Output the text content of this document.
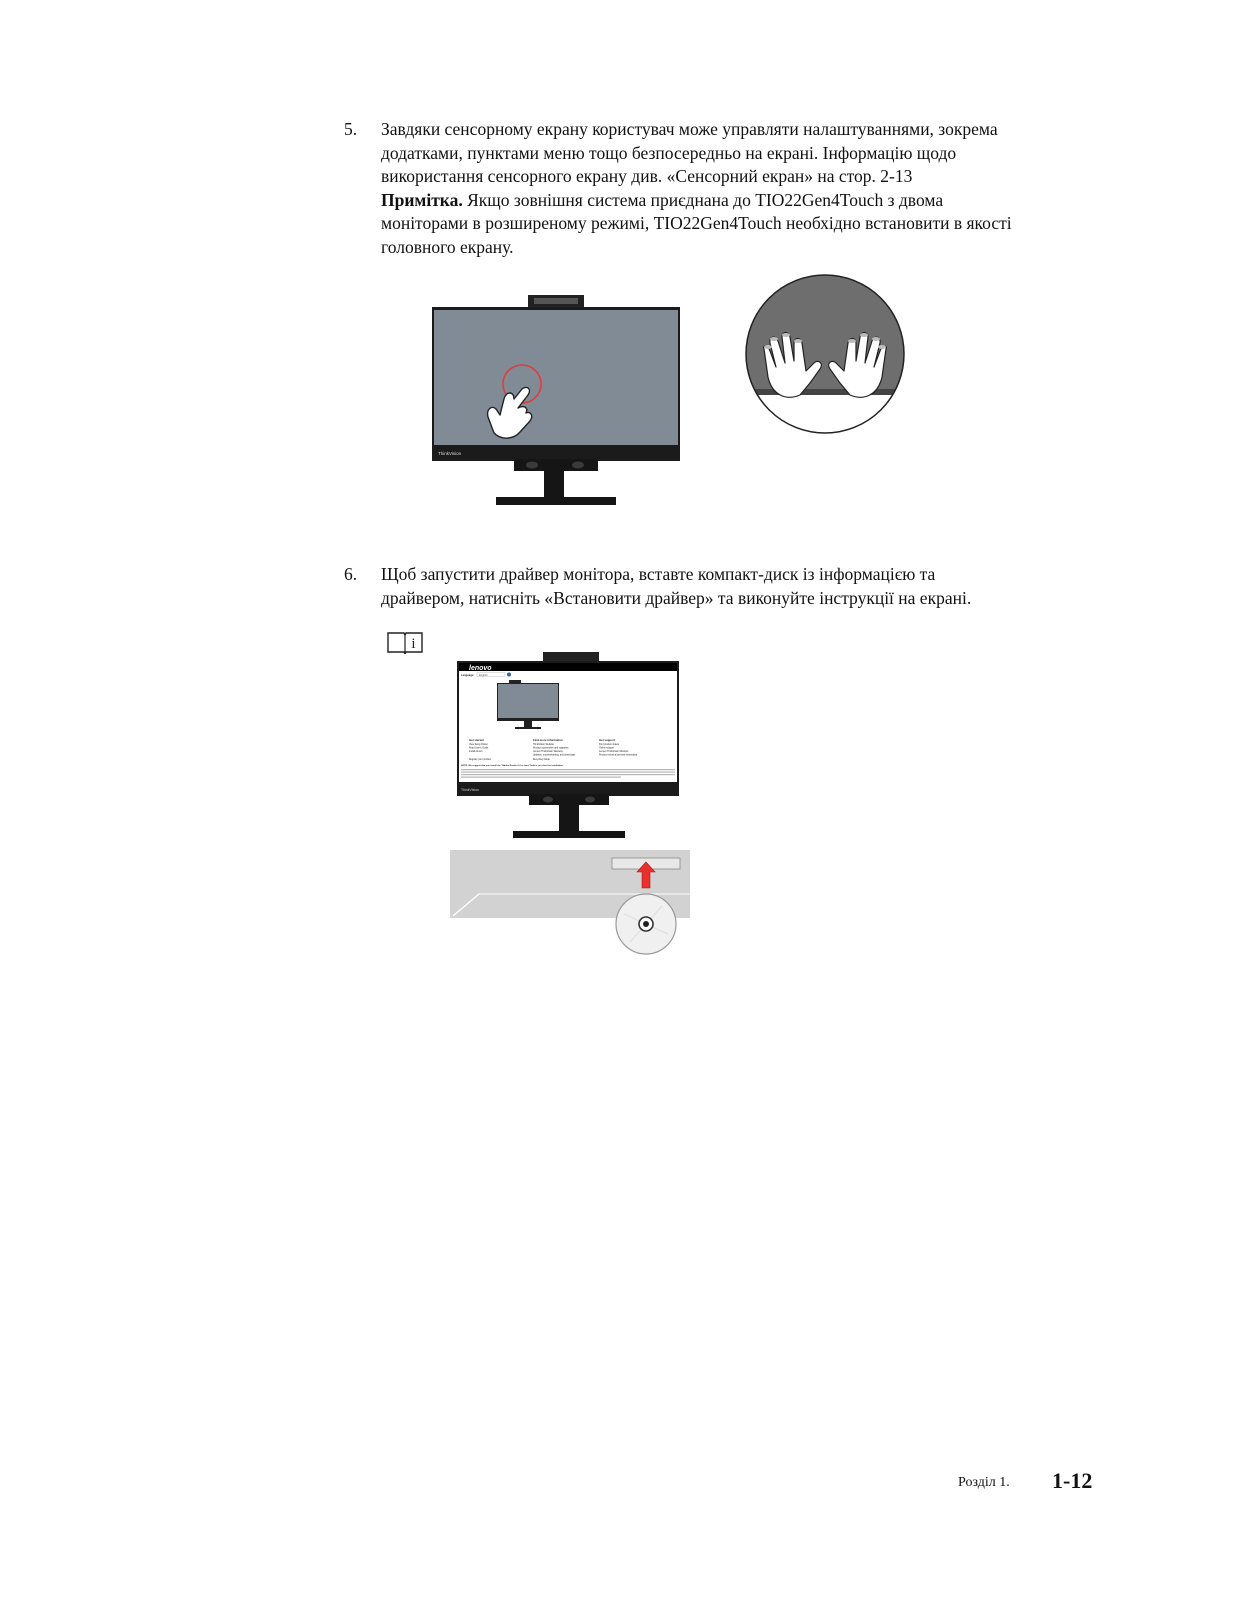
5. Завдяки сенсорному екрану користувач може управляти налаштуваннями, зокрема

додатками, пунктами меню тощо безпосередньо на екрані. Інформацію щодо

використання сенсорного екрану див. «Сенсорний екран» на стор. 2-13

Примітка. Якщо зовнішня система приєднана до TIO22Gen4Touch з двома

моніторами в розширеному режимі, TIO22Gen4Touch необхідно встановити в якості

головного екрану.

ThinkVision
6. Щоб запустити драйвер монітора, вставте компакт-диск із інформацією та

драйвером, натисніть «Встановити драйвер» та виконуйте інструкції на екрані.

i
lenovo
Language: English
Get started
View Setup Poster
Read User's Guide
Install drivers
Register your product
Find more information
ThinkVision Website
Product accessories and upgrades
Lenovo ThinkVision Warranty
Updates, troubleshooting, and downloads
Recycling Guide
Get support
Find product videos
Online support
Lenovo ThinkVision Monitors
Product technical preview information
NOTE: We suggest that you install the "Adobe Reader 6.0 or later" before you start the installation.
ThinkVision
Розділ 1. 1-12
